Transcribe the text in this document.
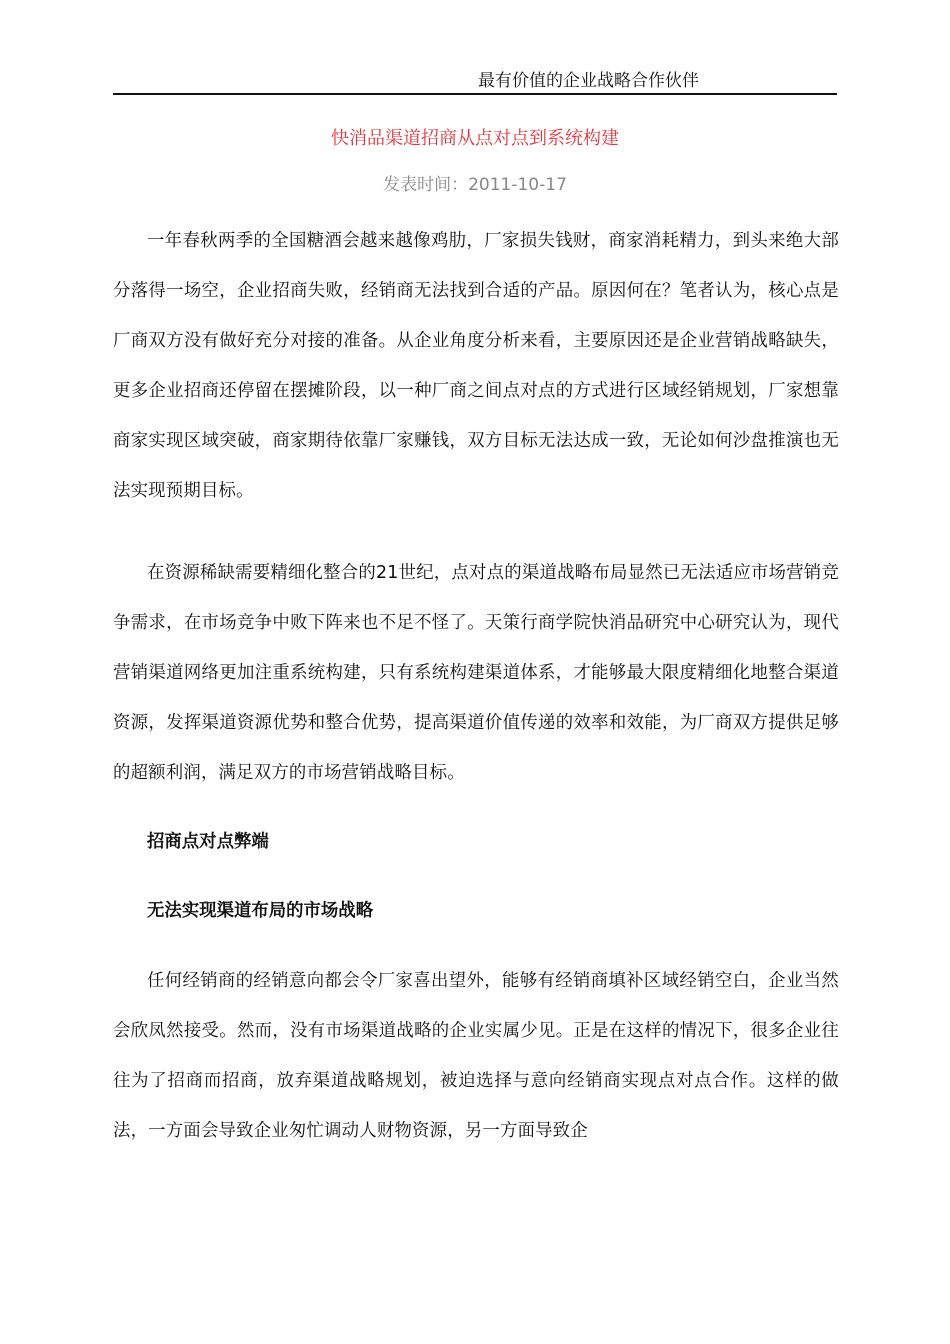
最有价值的企业战略合作伙伴
快消品渠道招商从点对点到系统构建
发表时间：2011-10-17

一年春秋两季的全国糖酒会越来越像鸡肋，厂家损失钱财，商家消耗精力，到头来绝大部分落得一场空，企业招商失败，经销商无法找到合适的产品。原因何在？笔者认为，核心点是厂商双方没有做好充分对接的准备。从企业角度分析来看，主要原因还是企业营销战略缺失，更多企业招商还停留在摆摊阶段，以一种厂商之间点对点的方式进行区域经销规划，厂家想靠商家实现区域突破，商家期待依靠厂家赚钱，双方目标无法达成一致，无论如何沙盘推演也无法实现预期目标。

在资源稀缺需要精细化整合的21世纪，点对点的渠道战略布局显然已无法适应市场营销竞争需求，在市场竞争中败下阵来也不足不怪了。天策行商学院快消品研究中心研究认为，现代营销渠道网络更加注重系统构建，只有系统构建渠道体系，才能够最大限度精细化地整合渠道资源，发挥渠道资源优势和整合优势，提高渠道价值传递的效率和效能，为厂商双方提供足够的超额利润，满足双方的市场营销战略目标。

招商点对点弊端

无法实现渠道布局的市场战略

任何经销商的经销意向都会令厂家喜出望外，能够有经销商填补区域经销空白，企业当然会欣凤然接受。然而，没有市场渠道战略的企业实属少见。正是在这样的情况下，很多企业往往为了招商而招商，放弃渠道战略规划，被迫选择与意向经销商实现点对点合作。这样的做法，一方面会导致企业匆忙调动人财物资源，另一方面导致企
